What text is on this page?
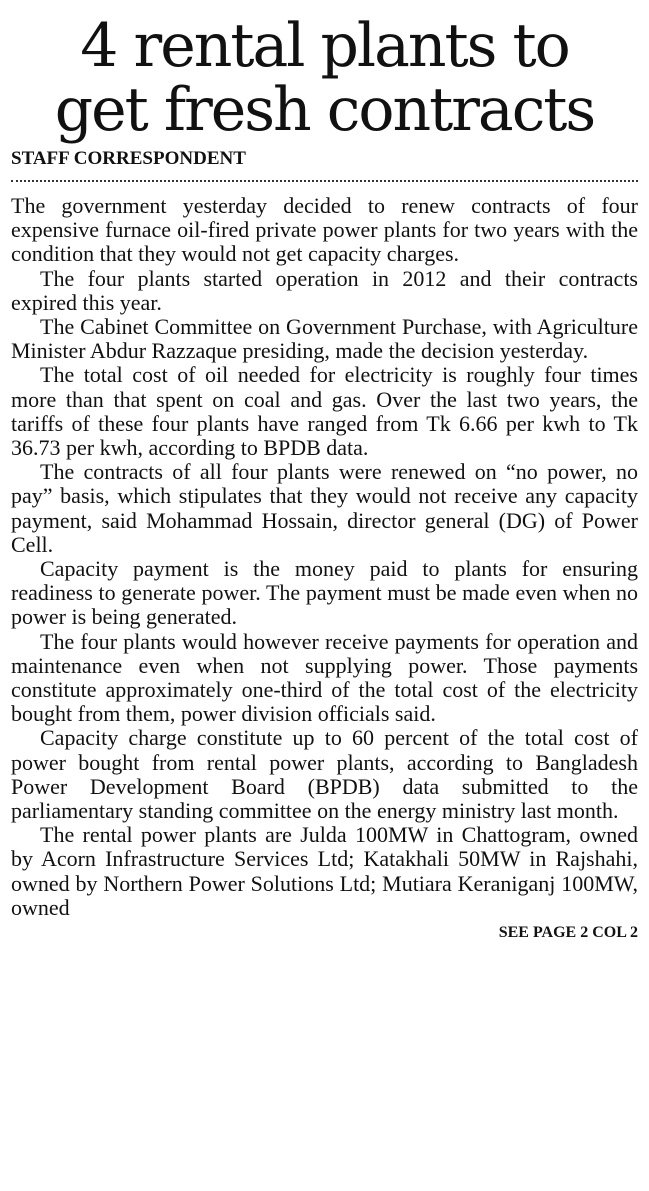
4 rental plants to
get fresh contracts
STAFF CORRESPONDENT

The government yesterday decided to renew contracts of four expensive furnace oil-fired private power plants for two years with the condition that they would not get capacity charges.

The four plants started operation in 2012 and their contracts expired this year.

The Cabinet Committee on Government Purchase, with Agriculture Minister Abdur Razzaque presiding, made the decision yesterday.

The total cost of oil needed for electricity is roughly four times more than that spent on coal and gas. Over the last two years, the tariffs of these four plants have ranged from Tk 6.66 per kwh to Tk 36.73 per kwh, according to BPDB data.

The contracts of all four plants were renewed on “no power, no pay” basis, which stipulates that they would not receive any capacity payment, said Mohammad Hossain, director general (DG) of Power Cell.

Capacity payment is the money paid to plants for ensuring readiness to generate power. The payment must be made even when no power is being generated.

The four plants would however receive payments for operation and maintenance even when not supplying power. Those payments constitute approximately one-third of the total cost of the electricity bought from them, power division officials said.

Capacity charge constitute up to 60 percent of the total cost of power bought from rental power plants, according to Bangladesh Power Development Board (BPDB) data submitted to the parliamentary standing committee on the energy ministry last month.

The rental power plants are Julda 100MW in Chattogram, owned by Acorn Infrastructure Services Ltd; Katakhali 50MW in Rajshahi, owned by Northern Power Solutions Ltd; Mutiara Keraniganj 100MW, owned

SEE PAGE 2 COL 2
